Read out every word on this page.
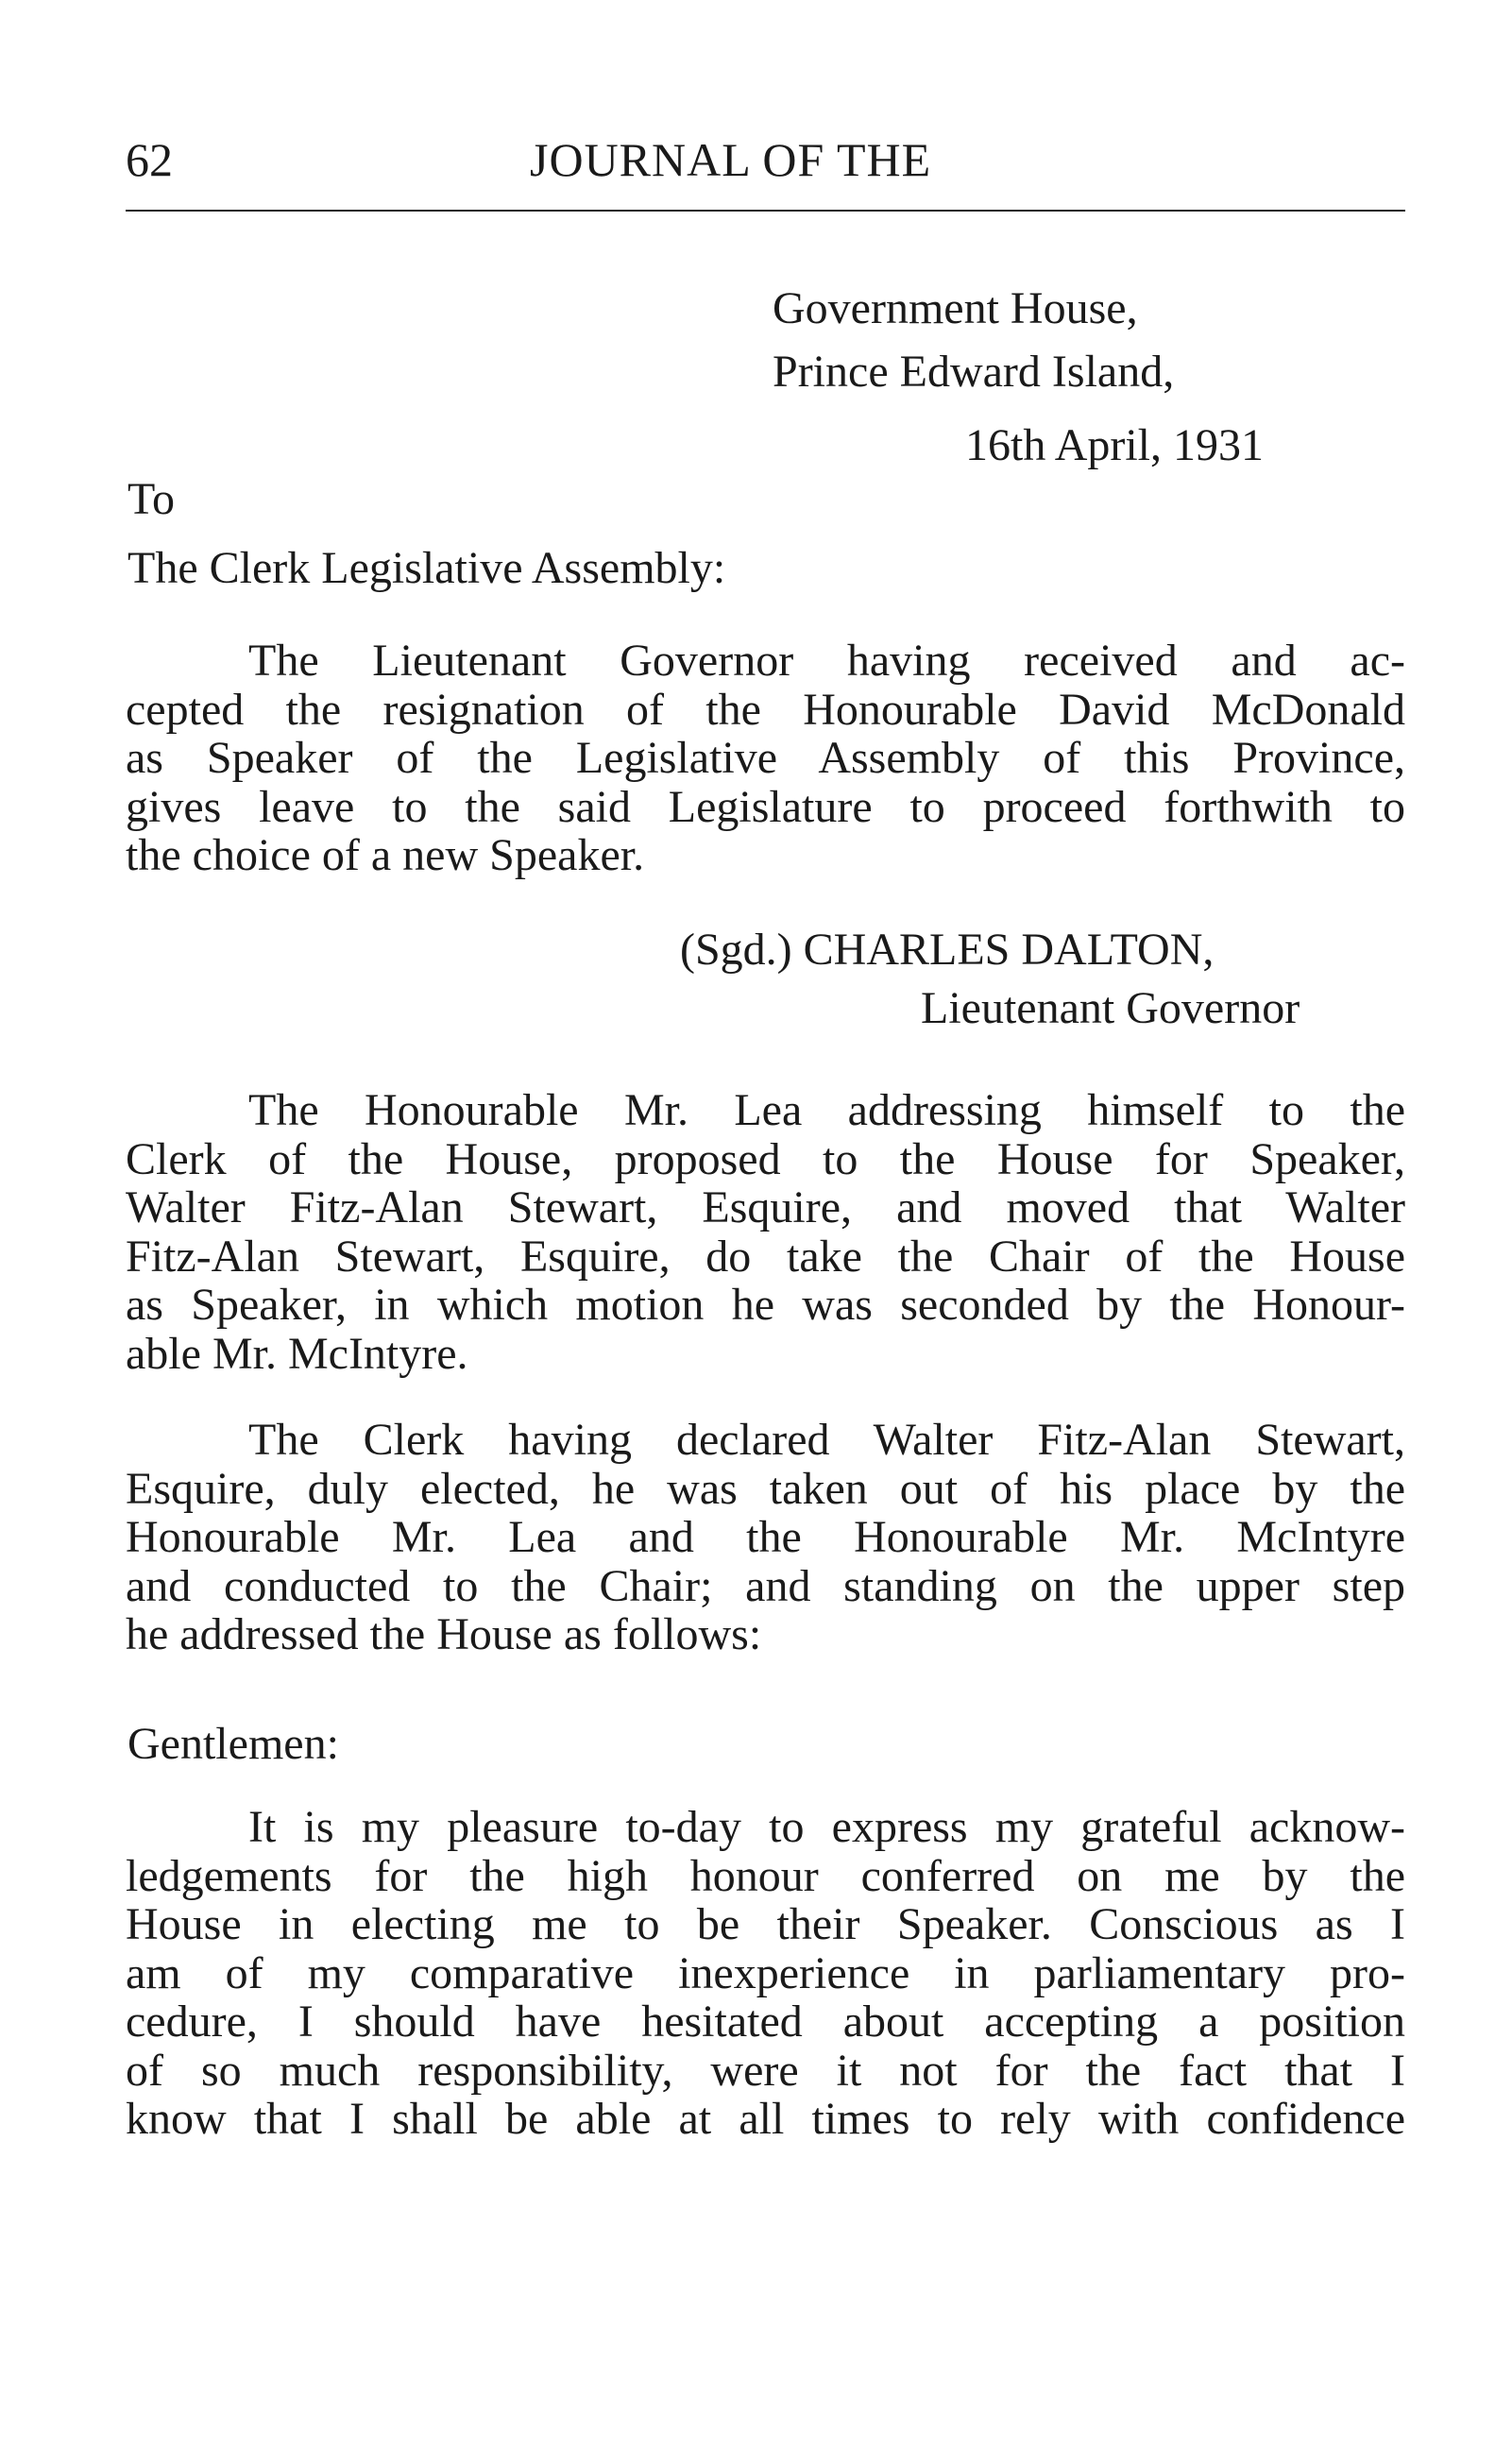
62	JOURNAL OF THE
Government House,
Prince Edward Island,
16th April, 1931
To
The Clerk Legislative Assembly:
The Lieutenant Governor having received and ac-
cepted the resignation of the Honourable David McDonald
as Speaker of the Legislative Assembly of this Province,
gives leave to the said Legislature to proceed forthwith to
the choice of a new Speaker.
(Sgd.) CHARLES DALTON,
Lieutenant Governor
The Honourable Mr. Lea addressing himself to the
Clerk of the House, proposed to the House for Speaker,
Walter Fitz-Alan Stewart, Esquire, and moved that Walter
Fitz-Alan Stewart, Esquire, do take the Chair of the House
as Speaker, in which motion he was seconded by the Honour-
able Mr. McIntyre.
The Clerk having declared Walter Fitz-Alan Stewart,
Esquire, duly elected, he was taken out of his place by the
Honourable Mr. Lea and the Honourable Mr. McIntyre
and conducted to the Chair; and standing on the upper step
he addressed the House as follows:
Gentlemen:
It is my pleasure to-day to express my grateful acknow-
ledgements for the high honour conferred on me by the
House in electing me to be their Speaker. Conscious as I
am of my comparative inexperience in parliamentary pro-
cedure, I should have hesitated about accepting a position
of so much responsibility, were it not for the fact that I
know that I shall be able at all times to rely with confidence
